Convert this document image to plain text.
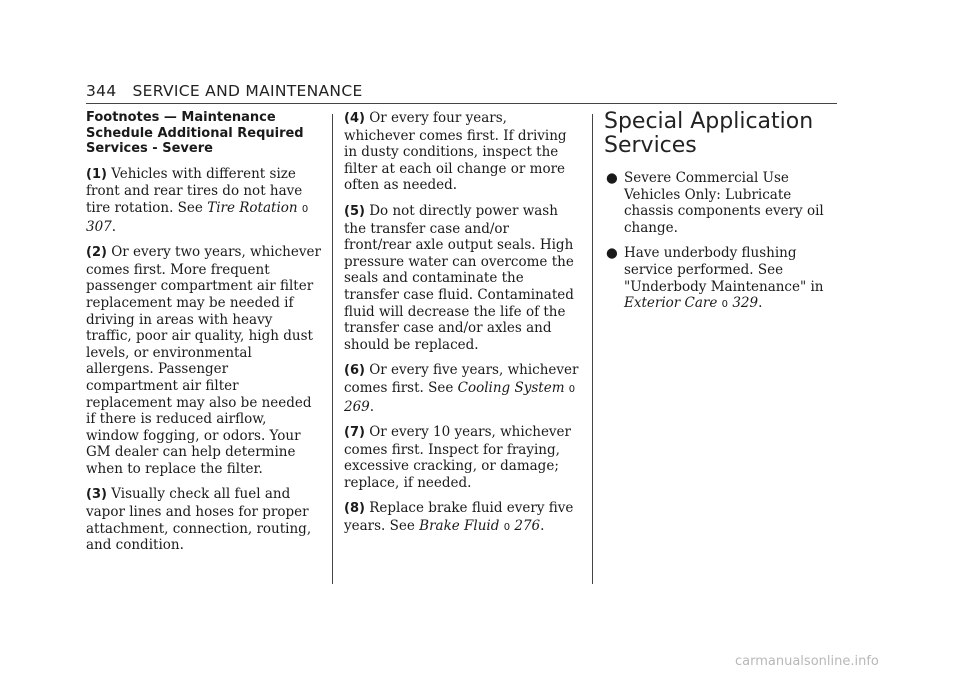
344 SERVICE AND MAINTENANCE
Footnotes — Maintenance Schedule Additional Required Services - Severe

(1) Vehicles with different size front and rear tires do not have tire rotation. See Tire Rotation 0 307.

(2) Or every two years, whichever comes first. More frequent passenger compartment air filter replacement may be needed if driving in areas with heavy traffic, poor air quality, high dust levels, or environmental allergens. Passenger compartment air filter replacement may also be needed if there is reduced airflow, window fogging, or odors. Your GM dealer can help determine when to replace the filter.

(3) Visually check all fuel and vapor lines and hoses for proper attachment, connection, routing, and condition.

(4) Or every four years, whichever comes first. If driving in dusty conditions, inspect the filter at each oil change or more often as needed.

(5) Do not directly power wash the transfer case and/or front/rear axle output seals. High pressure water can overcome the seals and contaminate the transfer case fluid. Contaminated fluid will decrease the life of the transfer case and/or axles and should be replaced.

(6) Or every five years, whichever comes first. See Cooling System 0 269.

(7) Or every 10 years, whichever comes first. Inspect for fraying, excessive cracking, or damage; replace, if needed.

(8) Replace brake fluid every five years. See Brake Fluid 0 276.

Special Application Services
● Severe Commercial Use Vehicles Only: Lubricate chassis components every oil change.
● Have underbody flushing service performed. See "Underbody Maintenance" in Exterior Care 0 329.
carmanualsonline.info
